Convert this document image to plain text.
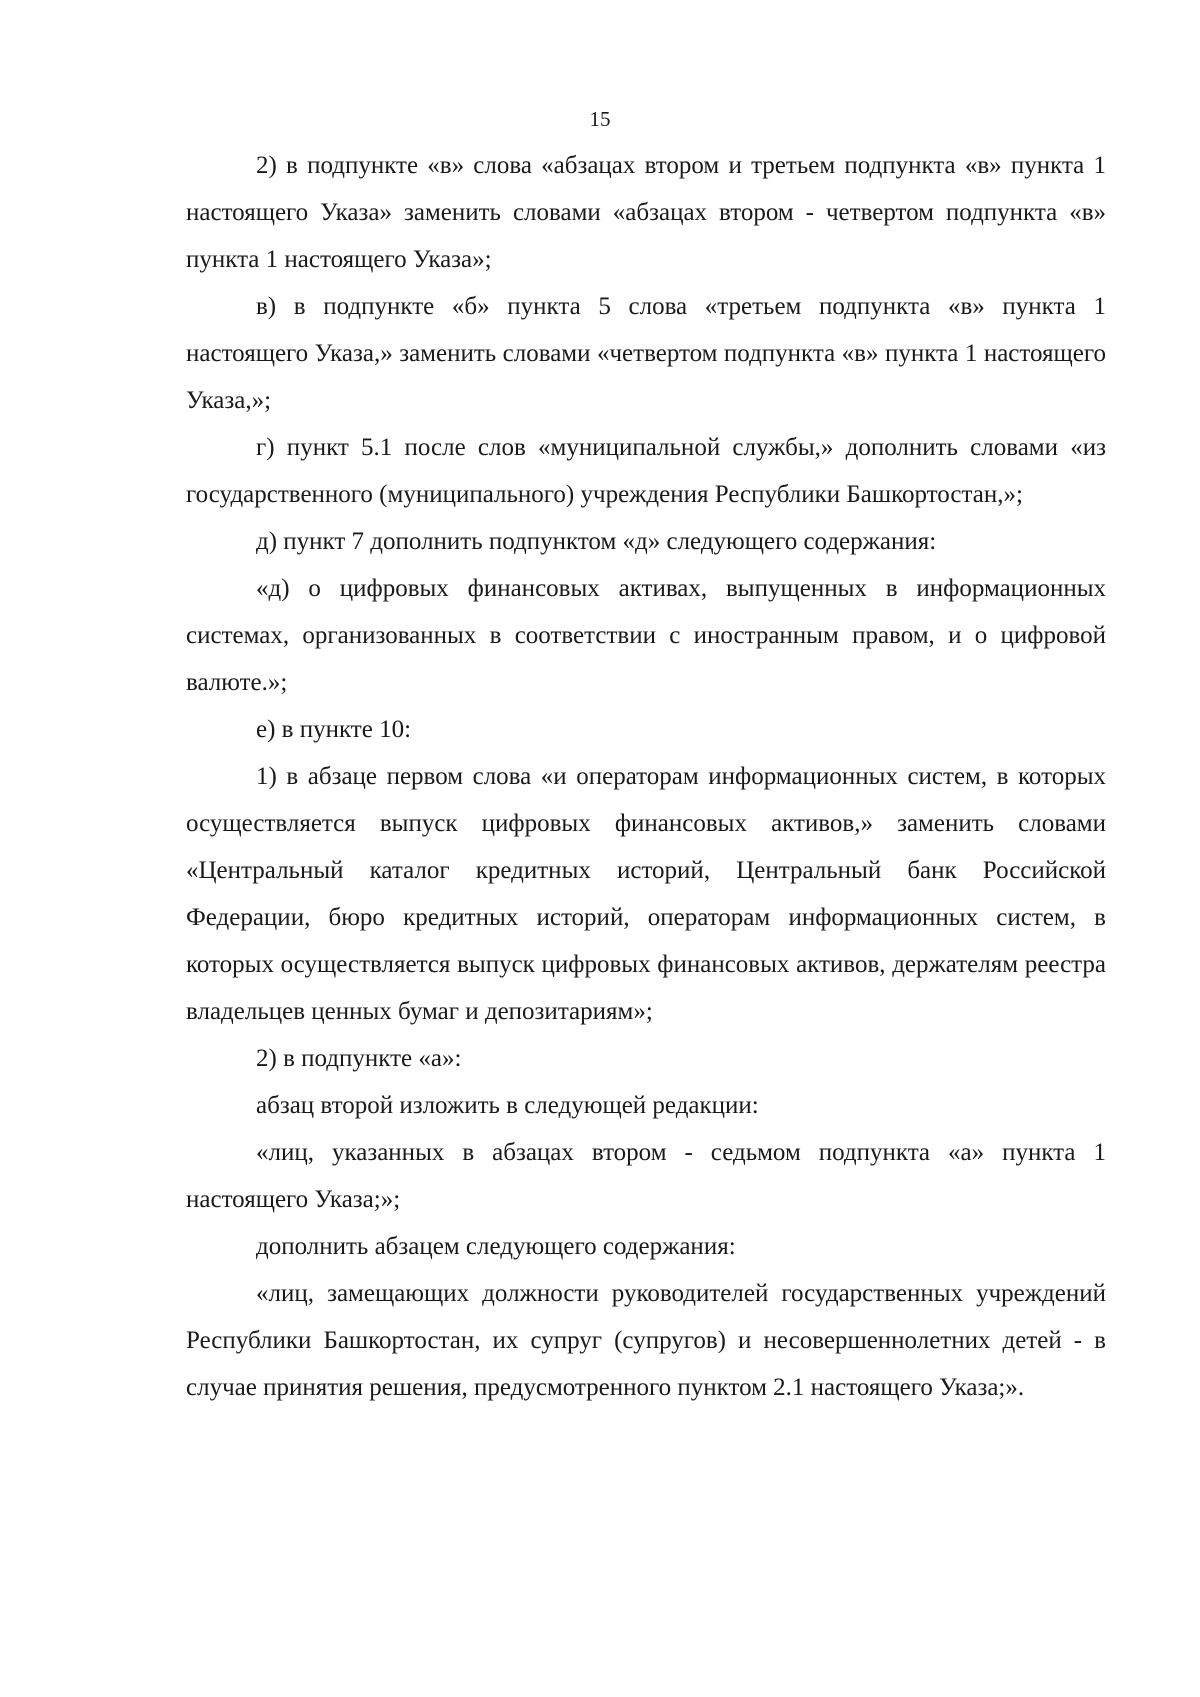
15

2) в подпункте «в» слова «абзацах втором и третьем подпункта «в» пункта 1 настоящего Указа» заменить словами «абзацах втором - четвертом подпункта «в» пункта 1 настоящего Указа»;

в) в подпункте «б» пункта 5 слова «третьем подпункта «в» пункта 1 настоящего Указа,» заменить словами «четвертом подпункта «в» пункта 1 настоящего Указа,»;

г) пункт 5.1 после слов «муниципальной службы,» дополнить словами «из государственного (муниципального) учреждения Республики Башкортостан,»;

д) пункт 7 дополнить подпунктом «д» следующего содержания:

«д) о цифровых финансовых активах, выпущенных в информационных системах, организованных в соответствии с иностранным правом, и о цифровой валюте.»;

е) в пункте 10:

1) в абзаце первом слова «и операторам информационных систем, в которых осуществляется выпуск цифровых финансовых активов,» заменить словами «Центральный каталог кредитных историй, Центральный банк Российской Федерации, бюро кредитных историй, операторам информационных систем, в которых осуществляется выпуск цифровых финансовых активов, держателям реестра владельцев ценных бумаг и депозитариям»;

2) в подпункте «а»:

абзац второй изложить в следующей редакции:

«лиц, указанных в абзацах втором - седьмом подпункта «а» пункта 1 настоящего Указа;»;

дополнить абзацем следующего содержания:

«лиц, замещающих должности руководителей государственных учреждений Республики Башкортостан, их супруг (супругов) и несовершеннолетних детей - в случае принятия решения, предусмотренного пунктом 2.1 настоящего Указа;».
